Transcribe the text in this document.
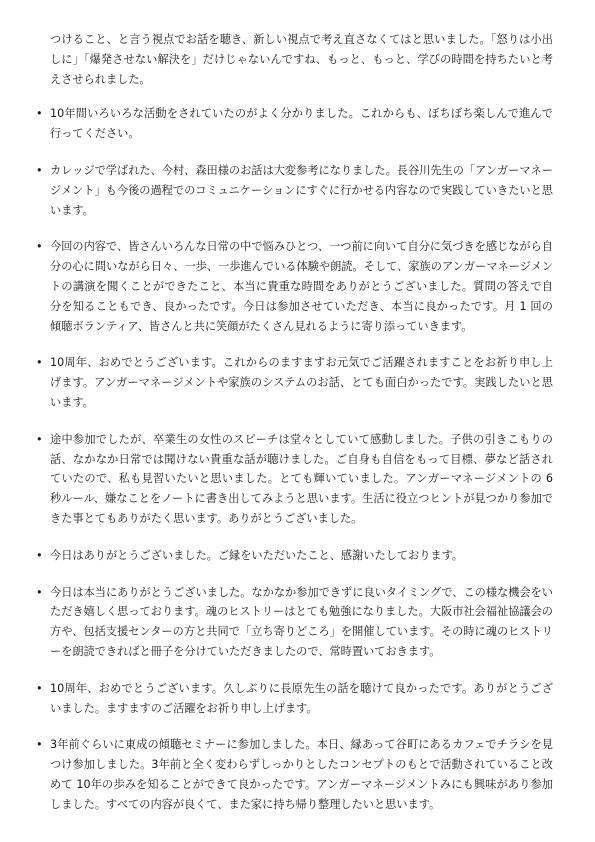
つけること、と言う視点でお話を聴き、新しい視点で考え直さなくてはと思いました。「怒りは小出しに」「爆発させない解決を」だけじゃないんですね、もっと、もっと、学びの時間を持ちたいと考えさせられました。
• 10年間いろいろな活動をされていたのがよく分かりました。これからも、ぼちぼち楽しんで進んで行ってください。
• カレッジで学ばれた、今村、森田様のお話は大変参考になりました。長谷川先生の「アンガーマネージメント」も今後の過程でのコミュニケーションにすぐに行かせる内容なので実践していきたいと思います。
• 今回の内容で、皆さんいろんな日常の中で悩みひとつ、一つ前に向いて自分に気づきを感じながら自分の心に問いながら日々、一歩、一歩進んでいる体験や朗読。そして、家族のアンガーマネージメントの講演を聞くことができたこと、本当に貴重な時間をありがとうございました。質問の答えで自分を知ることもでき、良かったです。今日は参加させていただき、本当に良かったです。月 1 回の傾聴ボランティア、皆さんと共に笑顔がたくさん見れるように寄り添っていきます。
• 10周年、おめでとうございます。これからのますますお元気でご活躍されますことをお祈り申し上げます。アンガーマネージメントや家族のシステムのお話、とても面白かったです。実践したいと思います。
• 途中参加でしたが、卒業生の女性のスピーチは堂々としていて感動しました。子供の引きこもりの話、なかなか日常では聞けない貴重な話が聴けました。ご自身も自信をもって目標、夢など話されていたので、私も見習いたいと思いました。とても輝いていました。アンガーマネージメントの 6 秒ルール、嫌なことをノートに書き出してみようと思います。生活に役立つヒントが見つかり参加できた事とてもありがたく思います。ありがとうございました。
• 今日はありがとうございました。ご縁をいただいたこと、感謝いたしております。
• 今日は本当にありがとうございました。なかなか参加できずに良いタイミングで、この様な機会をいただき嬉しく思っております。魂のヒストリーはとても勉強になりました。大阪市社会福祉協議会の方や、包括支援センターの方と共同で「立ち寄りどころ」を開催しています。その時に魂のヒストリーを朗読できればと冊子を分けていただきましたので、常時置いておきます。
• 10周年、おめでとうございます。久しぶりに長原先生の話を聴けて良かったです。ありがとうございました。ますますのご活躍をお祈り申し上げます。
• 3年前ぐらいに東成の傾聴セミナーに参加しました。本日、縁あって谷町にあるカフェでチラシを見つけ参加しました。3年前と全く変わらずしっかりとしたコンセプトのもとで活動されていること改めて 10年の歩みを知ることができて良かったです。アンガーマネージメントみにも興味があり参加しました。すべての内容が良くて、また家に持ち帰り整理したいと思います。
